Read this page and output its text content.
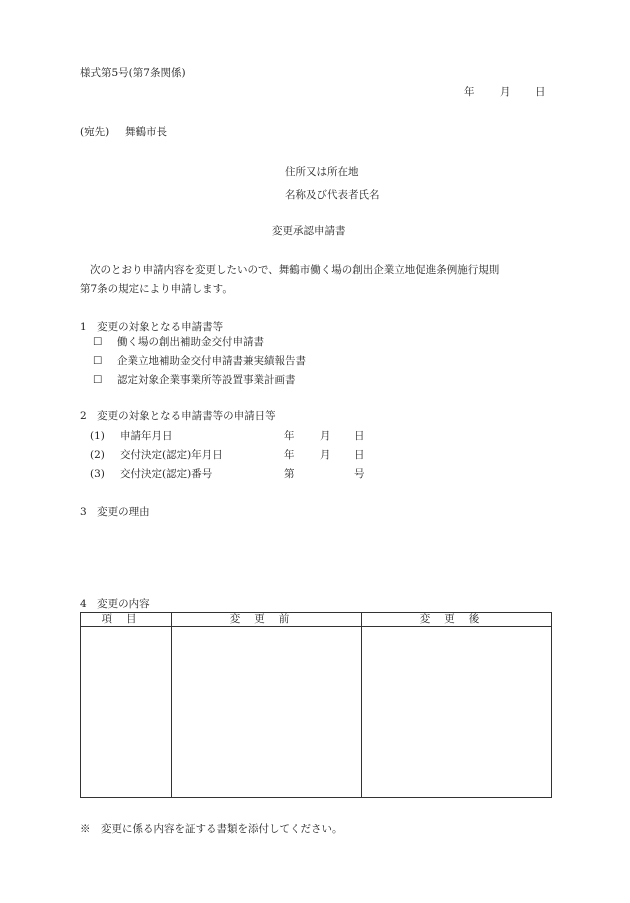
様式第5号(第7条関係)
年 月 日
(宛先) 舞鶴市長
住所又は所在地
名称及び代表者氏名
変更承認申請書
次のとおり申請内容を変更したいので、舞鶴市働く場の創出企業立地促進条例施行規則
第7条の規定により申請します。
1　変更の対象となる申請書等
☐ 働く場の創出補助金交付申請書
☐ 企業立地補助金交付申請書兼実績報告書
☐ 認定対象企業事業所等設置事業計画書
2　変更の対象となる申請書等の申請日等
(1) 申請年月日	年 月 日
(2) 交付決定(認定)年月日	年 月 日
(3) 交付決定(認定)番号	第	号
3　変更の理由
4　変更の内容
項目	変更前	変更後

※　変更に係る内容を証する書類を添付してください。
